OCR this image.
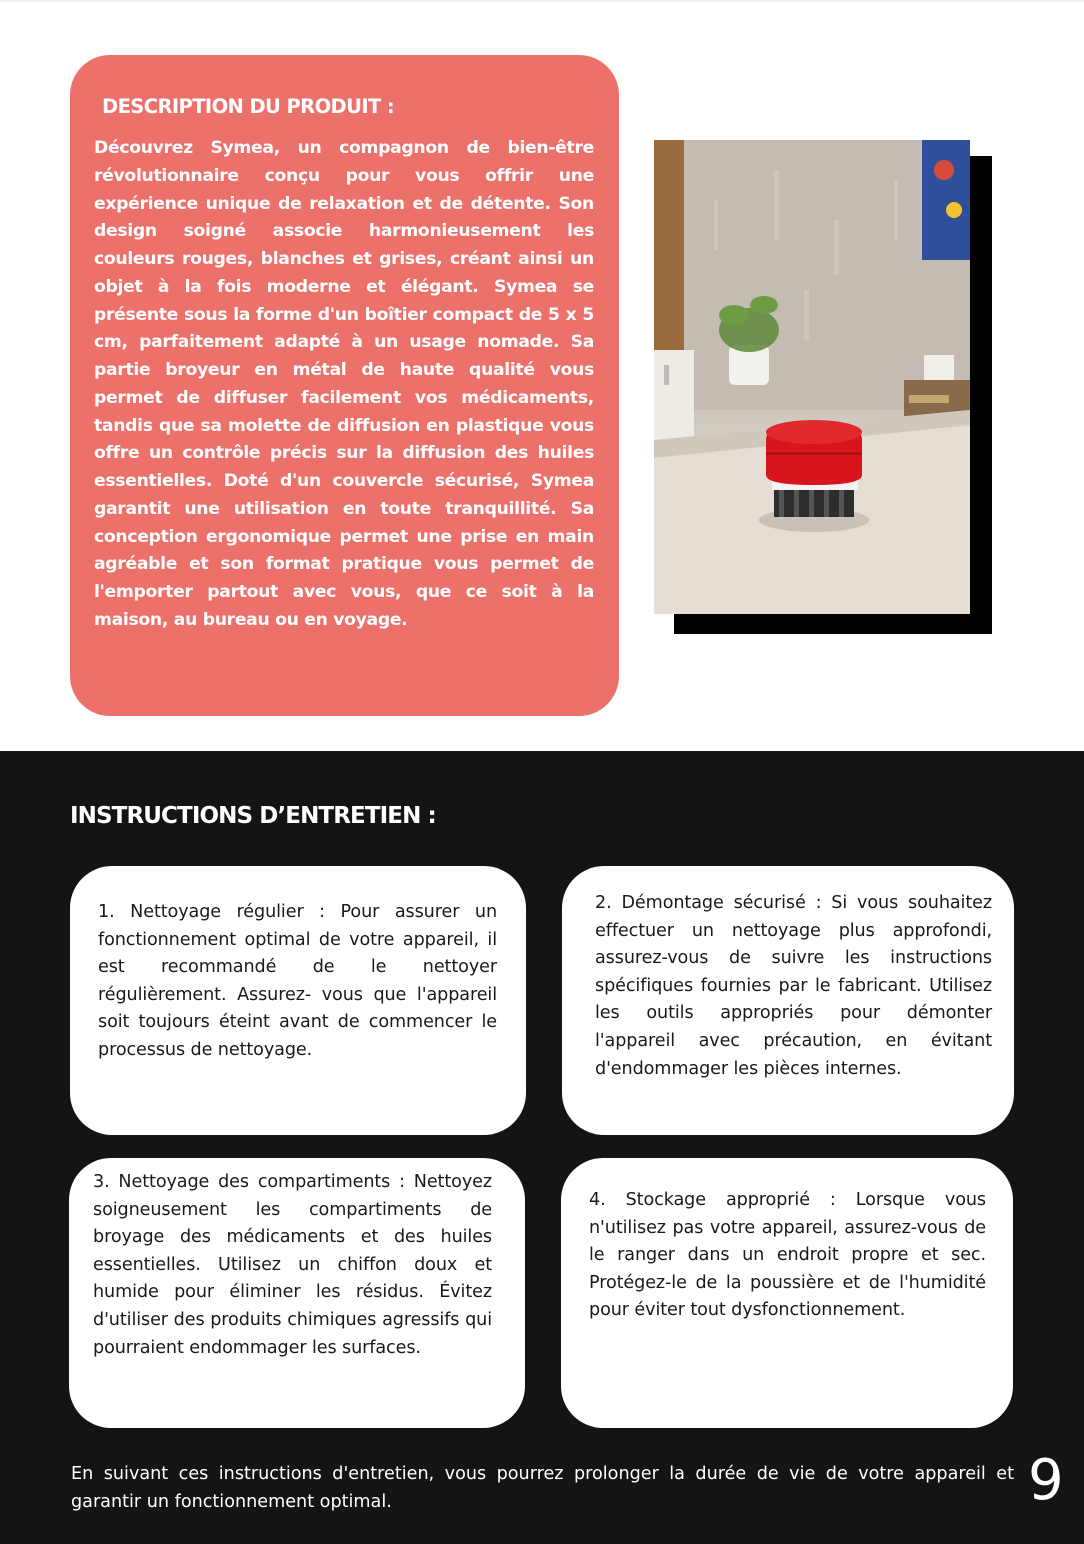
DESCRIPTION DU PRODUIT :

Découvrez Symea, un compagnon de bien-être révolutionnaire conçu pour vous offrir une expérience unique de relaxation et de détente. Son design soigné associe harmonieusement les couleurs rouges, blanches et grises, créant ainsi un objet à la fois moderne et élégant. Symea se présente sous la forme d'un boîtier compact de 5 x 5 cm, parfaitement adapté à un usage nomade. Sa partie broyeur en métal de haute qualité vous permet de diffuser facilement vos médicaments, tandis que sa molette de diffusion en plastique vous offre un contrôle précis sur la diffusion des huiles essentielles. Doté d'un couvercle sécurisé, Symea garantit une utilisation en toute tranquillité. Sa conception ergonomique permet une prise en main agréable et son format pratique vous permet de l'emporter partout avec vous, que ce soit à la maison, au bureau ou en voyage.

INSTRUCTIONS D’ENTRETIEN :

1. Nettoyage régulier : Pour assurer un fonctionnement optimal de votre appareil, il est recommandé de le nettoyer régulièrement. Assurez- vous que l'appareil soit toujours éteint avant de commencer le processus de nettoyage.

2. Démontage sécurisé : Si vous souhaitez effectuer un nettoyage plus approfondi, assurez-vous de suivre les instructions spécifiques fournies par le fabricant. Utilisez les outils appropriés pour démonter l'appareil avec précaution, en évitant d'endommager les pièces internes.

3. Nettoyage des compartiments : Nettoyez soigneusement les compartiments de broyage des médicaments et des huiles essentielles. Utilisez un chiffon doux et humide pour éliminer les résidus. Évitez d'utiliser des produits chimiques agressifs qui pourraient endommager les surfaces.

4. Stockage approprié : Lorsque vous n'utilisez pas votre appareil, assurez-vous de le ranger dans un endroit propre et sec. Protégez-le de la poussière et de l'humidité pour éviter tout dysfonctionnement.

En suivant ces instructions d'entretien, vous pourrez prolonger la durée de vie de votre appareil et garantir un fonctionnement optimal.	9
